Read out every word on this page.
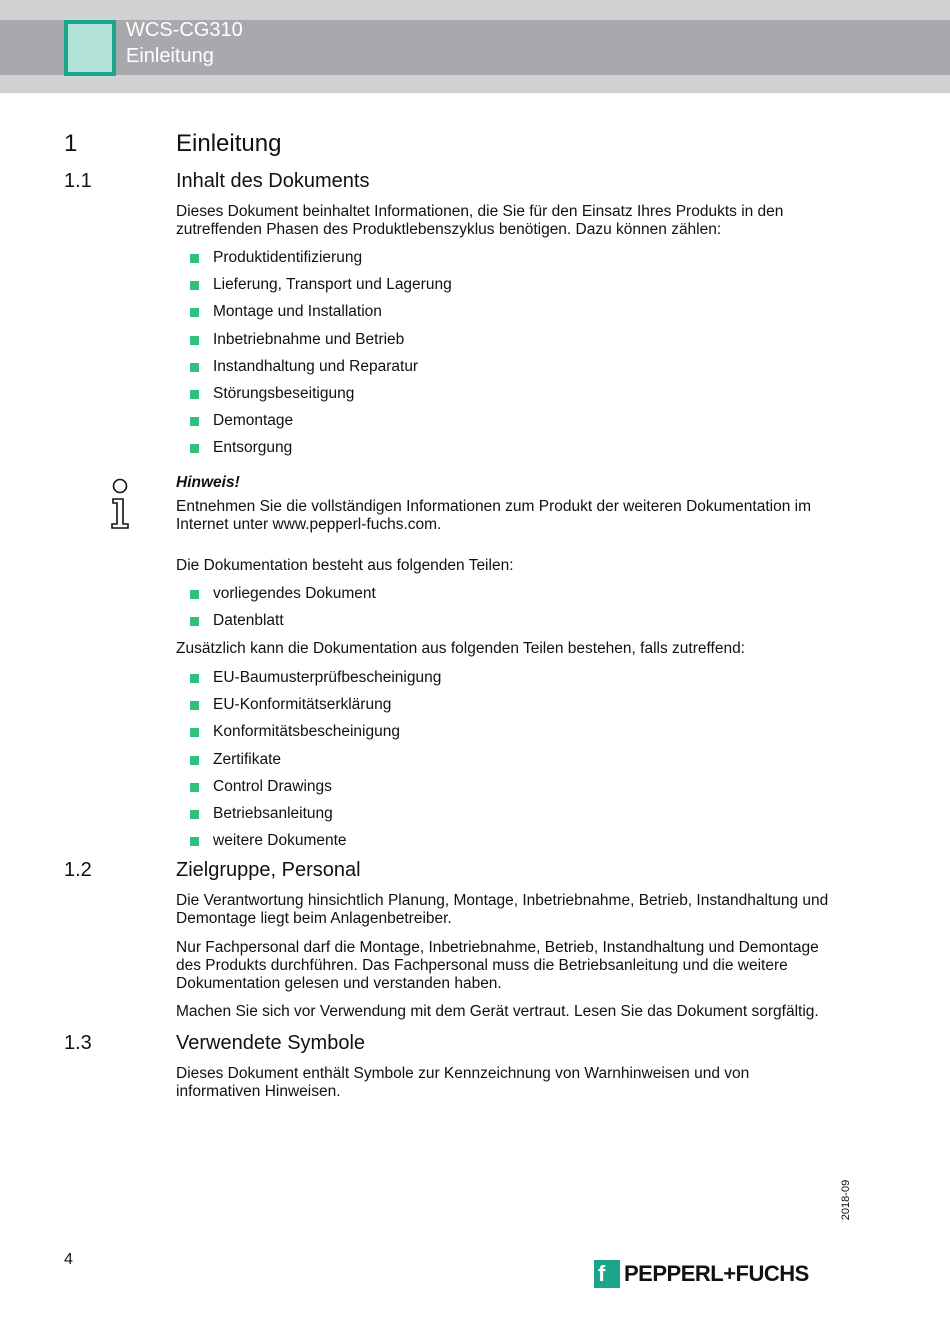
WCS-CG310
Einleitung
1	Einleitung
1.1	Inhalt des Dokuments
Dieses Dokument beinhaltet Informationen, die Sie für den Einsatz Ihres Produkts in den zutreffenden Phasen des Produktlebenszyklus benötigen. Dazu können zählen:
Produktidentifizierung
Lieferung, Transport und Lagerung
Montage und Installation
Inbetriebnahme und Betrieb
Instandhaltung und Reparatur
Störungsbeseitigung
Demontage
Entsorgung
Hinweis!
Entnehmen Sie die vollständigen Informationen zum Produkt der weiteren Dokumentation im Internet unter www.pepperl-fuchs.com.
Die Dokumentation besteht aus folgenden Teilen:
vorliegendes Dokument
Datenblatt
Zusätzlich kann die Dokumentation aus folgenden Teilen bestehen, falls zutreffend:
EU-Baumusterprüfbescheinigung
EU-Konformitätserklärung
Konformitätsbescheinigung
Zertifikate
Control Drawings
Betriebsanleitung
weitere Dokumente
1.2	Zielgruppe, Personal
Die Verantwortung hinsichtlich Planung, Montage, Inbetriebnahme, Betrieb, Instandhaltung und Demontage liegt beim Anlagenbetreiber.
Nur Fachpersonal darf die Montage, Inbetriebnahme, Betrieb, Instandhaltung und Demontage des Produkts durchführen. Das Fachpersonal muss die Betriebsanleitung und die weitere Dokumentation gelesen und verstanden haben.
Machen Sie sich vor Verwendung mit dem Gerät vertraut. Lesen Sie das Dokument sorgfältig.
1.3	Verwendete Symbole
Dieses Dokument enthält Symbole zur Kennzeichnung von Warnhinweisen und von informativen Hinweisen.
2018-09
4
f PEPPERL+FUCHS
